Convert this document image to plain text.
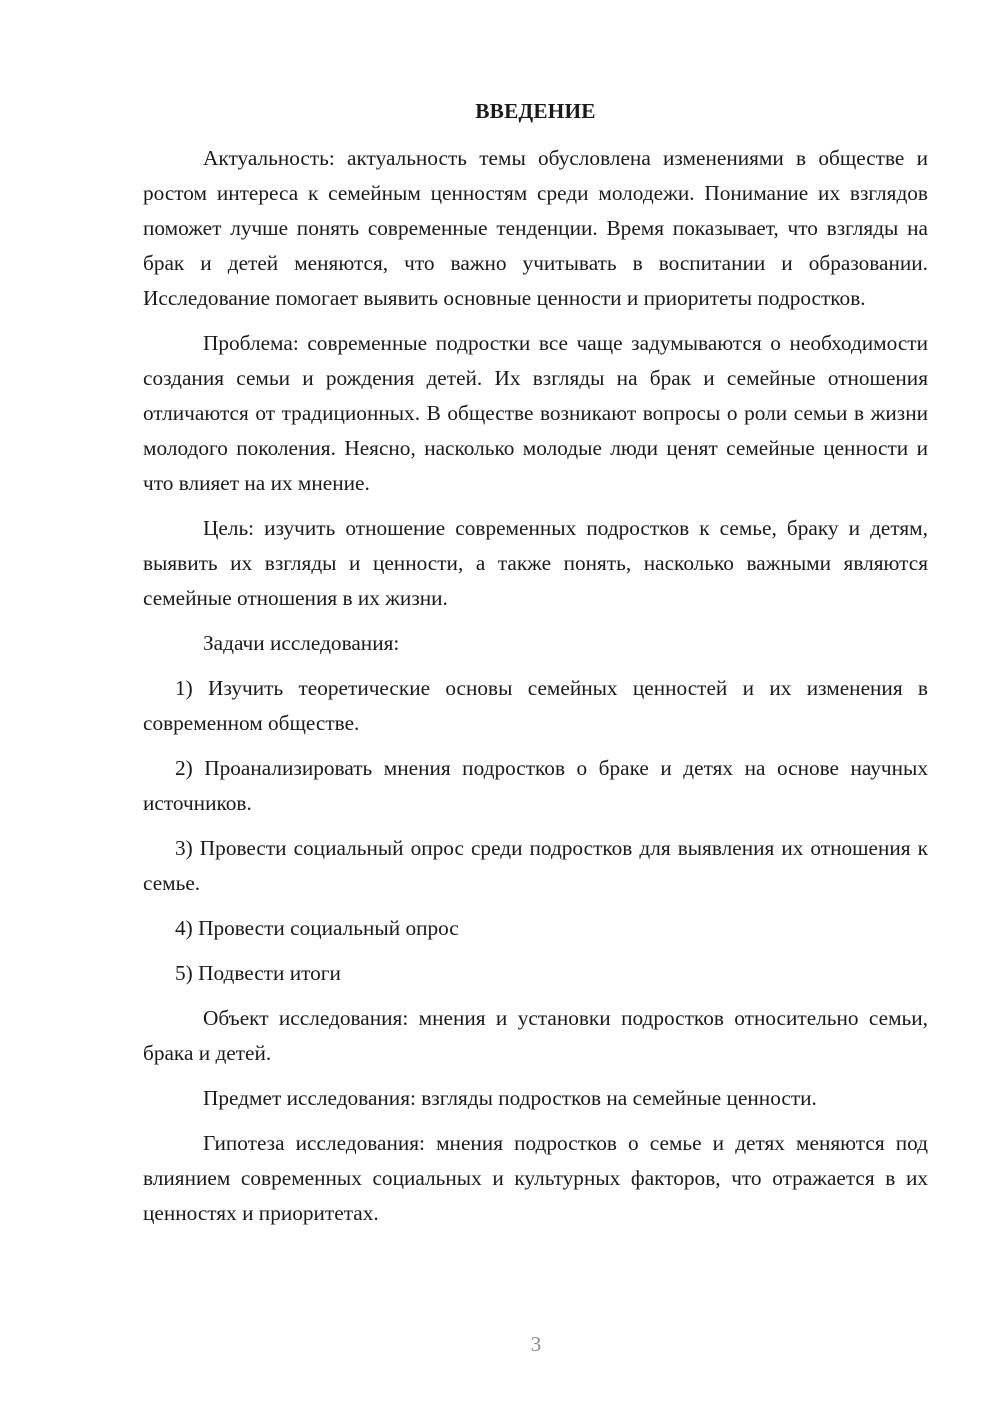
ВВЕДЕНИЕ

Актуальность: актуальность темы обусловлена изменениями в обществе и ростом интереса к семейным ценностям среди молодежи. Понимание их взглядов поможет лучше понять современные тенденции. Время показывает, что взгляды на брак и детей меняются, что важно учитывать в воспитании и образовании. Исследование помогает выявить основные ценности и приоритеты подростков.

Проблема: современные подростки все чаще задумываются о необходимости создания семьи и рождения детей. Их взгляды на брак и семейные отношения отличаются от традиционных. В обществе возникают вопросы о роли семьи в жизни молодого поколения. Неясно, насколько молодые люди ценят семейные ценности и что влияет на их мнение.

Цель: изучить отношение современных подростков к семье, браку и детям, выявить их взгляды и ценности, а также понять, насколько важными являются семейные отношения в их жизни.

Задачи исследования:

1) Изучить теоретические основы семейных ценностей и их изменения в современном обществе.

2) Проанализировать мнения подростков о браке и детях на основе научных источников.

3) Провести социальный опрос среди подростков для выявления их отношения к семье.

4) Провести социальный опрос

5) Подвести итоги

Объект исследования: мнения и установки подростков относительно семьи, брака и детей.

Предмет исследования: взгляды подростков на семейные ценности.

Гипотеза исследования: мнения подростков о семье и детях меняются под влиянием современных социальных и культурных факторов, что отражается в их ценностях и приоритетах.

3
